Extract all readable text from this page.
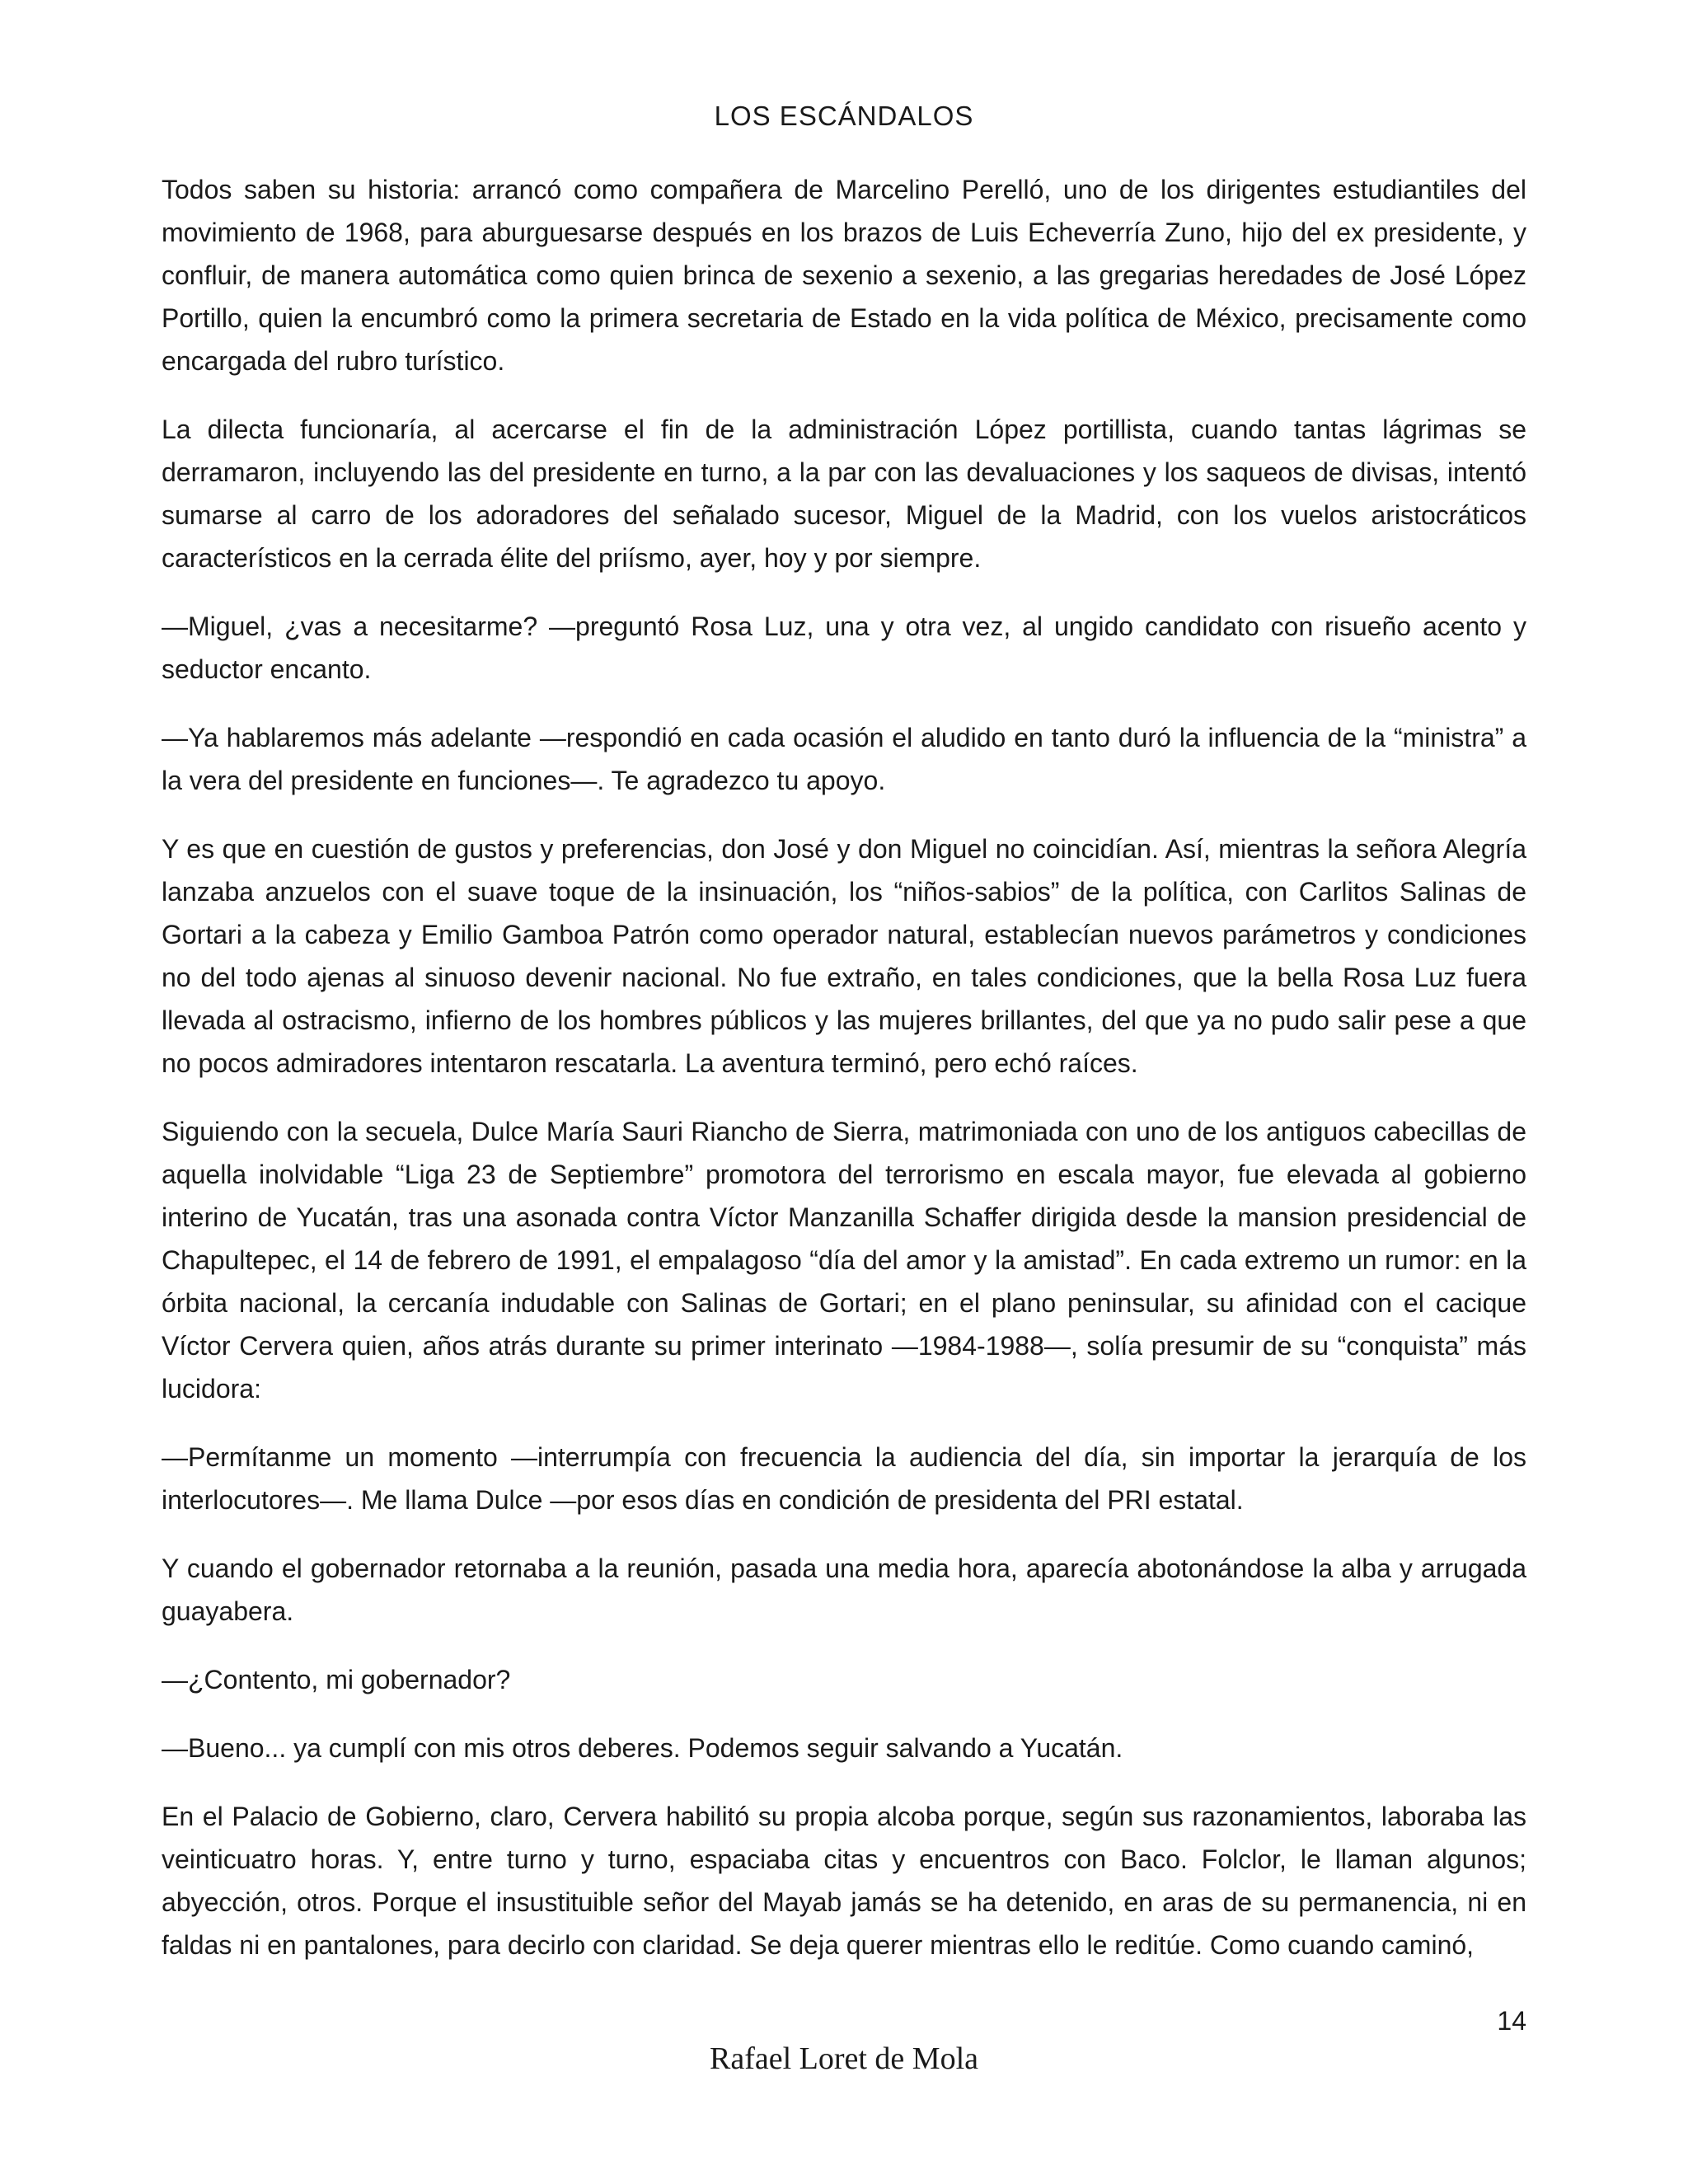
LOS ESCÁNDALOS

Todos saben su historia: arrancó como compañera de Marcelino Perelló, uno de los dirigentes estudiantiles del movimiento de 1968, para aburguesarse después en los brazos de Luis Echeverría Zuno, hijo del ex presidente, y confluir, de manera automática como quien brinca de sexenio a sexenio, a las gregarias heredades de José López Portillo, quien la encumbró como la primera secretaria de Estado en la vida política de México, precisamente como encargada del rubro turístico.

La dilecta funcionaría, al acercarse el fin de la administración López portillista, cuando tantas lágrimas se derramaron, incluyendo las del presidente en turno, a la par con las devaluaciones y los saqueos de divisas, intentó sumarse al carro de los adoradores del señalado sucesor, Miguel de la Madrid, con los vuelos aristocráticos característicos en la cerrada élite del priísmo, ayer, hoy y por siempre.

—Miguel, ¿vas a necesitarme? —preguntó Rosa Luz, una y otra vez, al ungido candidato con risueño acento y seductor encanto.

—Ya hablaremos más adelante —respondió en cada ocasión el aludido en tanto duró la influencia de la “ministra” a la vera del presidente en funciones—. Te agradezco tu apoyo.

Y es que en cuestión de gustos y preferencias, don José y don Miguel no coincidían. Así, mientras la señora Alegría lanzaba anzuelos con el suave toque de la insinuación, los “niños-sabios” de la política, con Carlitos Salinas de Gortari a la cabeza y Emilio Gamboa Patrón como operador natural, establecían nuevos parámetros y condiciones no del todo ajenas al sinuoso devenir nacional. No fue extraño, en tales condiciones, que la bella Rosa Luz fuera llevada al ostracismo, infierno de los hombres públicos y las mujeres brillantes, del que ya no pudo salir pese a que no pocos admiradores intentaron rescatarla. La aventura terminó, pero echó raíces.

Siguiendo con la secuela, Dulce María Sauri Riancho de Sierra, matrimoniada con uno de los antiguos cabecillas de aquella inolvidable “Liga 23 de Septiembre” promotora del terrorismo en escala mayor, fue elevada al gobierno interino de Yucatán, tras una asonada contra Víctor Manzanilla Schaffer dirigida desde la mansion presidencial de Chapultepec, el 14 de febrero de 1991, el empalagoso “día del amor y la amistad”. En cada extremo un rumor: en la órbita nacional, la cercanía indudable con Salinas de Gortari; en el plano peninsular, su afinidad con el cacique Víctor Cervera quien, años atrás durante su primer interinato —1984-1988—, solía presumir de su “conquista” más lucidora:

—Permítanme un momento —interrumpía con frecuencia la audiencia del día, sin importar la jerarquía de los interlocutores—. Me llama Dulce —por esos días en condición de presidenta del PRI estatal.

Y cuando el gobernador retornaba a la reunión, pasada una media hora, aparecía abotonándose la alba y arrugada guayabera.

—¿Contento, mi gobernador?

—Bueno... ya cumplí con mis otros deberes. Podemos seguir salvando a Yucatán.

En el Palacio de Gobierno, claro, Cervera habilitó su propia alcoba porque, según sus razonamientos, laboraba las veinticuatro horas. Y, entre turno y turno, espaciaba citas y encuentros con Baco. Folclor, le llaman algunos; abyección, otros. Porque el insustituible señor del Mayab jamás se ha detenido, en aras de su permanencia, ni en faldas ni en pantalones, para decirlo con claridad. Se deja querer mientras ello le reditúe. Como cuando caminó,

14
Rafael Loret de Mola
